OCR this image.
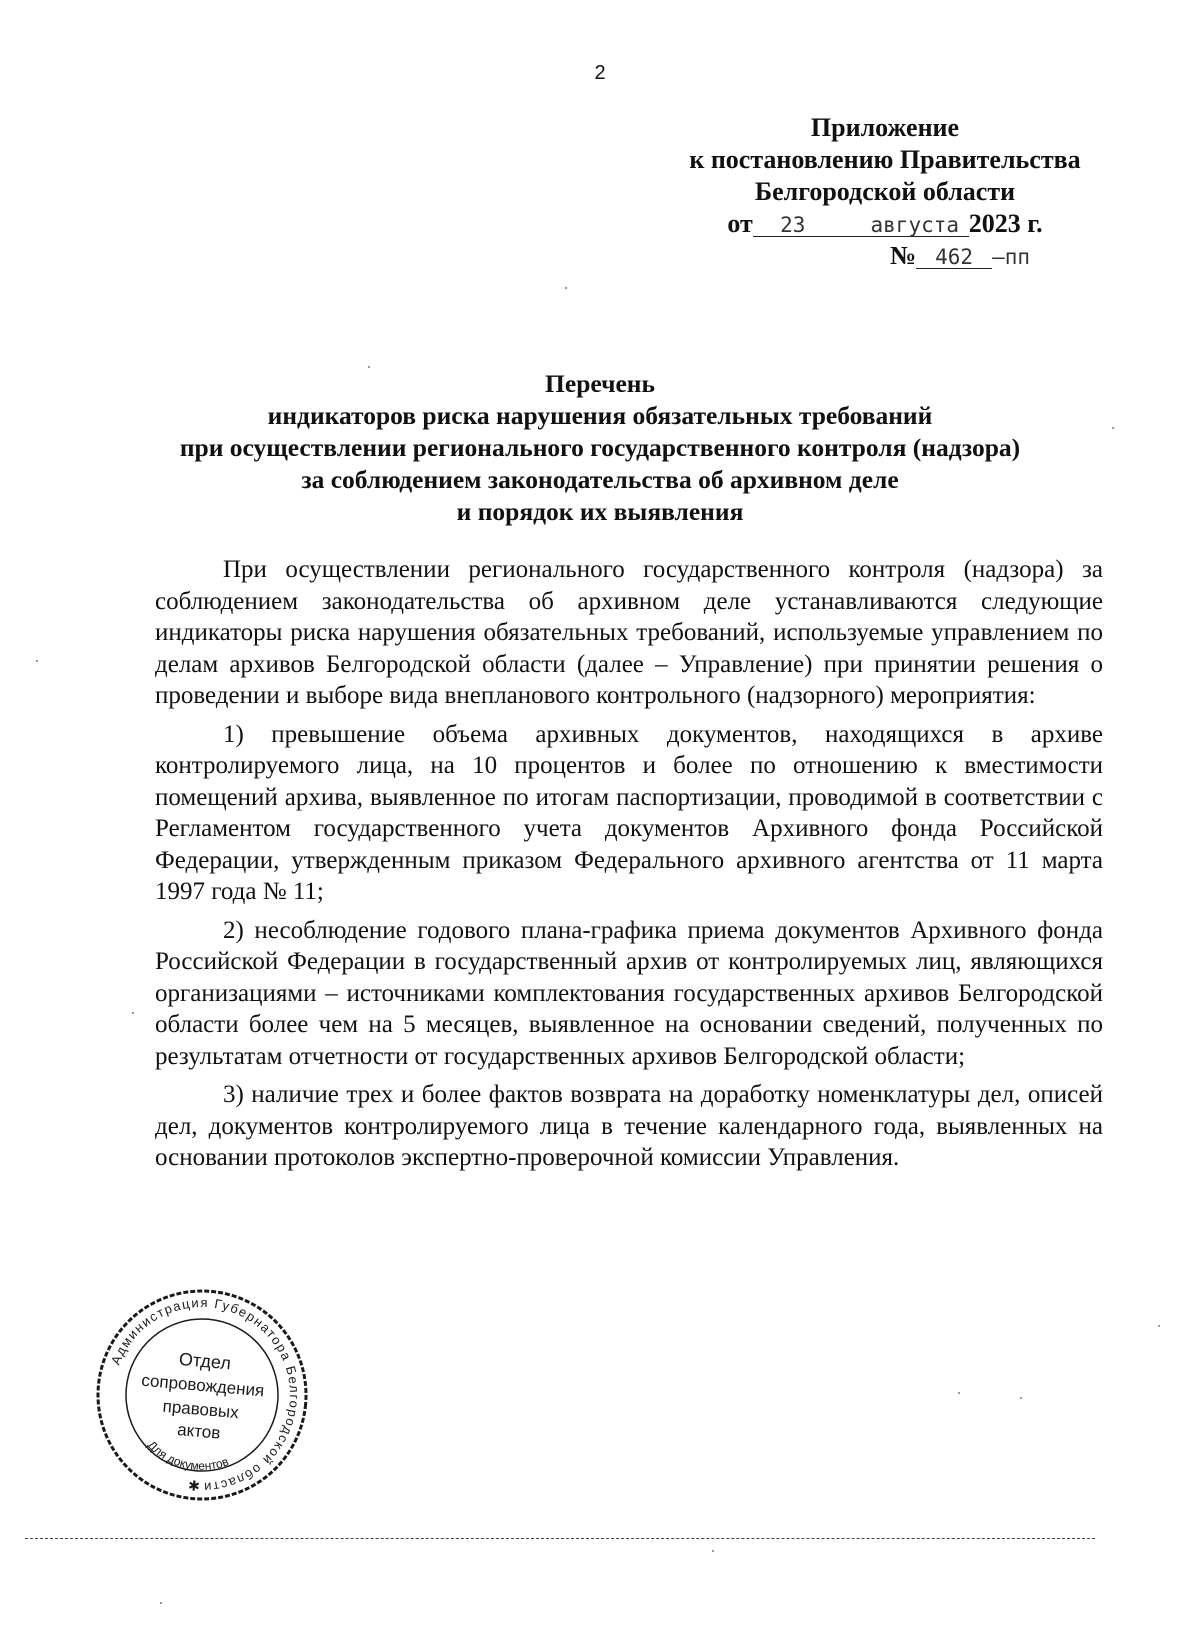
2
Приложение
к постановлению Правительства
Белгородской области
от 23	августа 2023 г.
№ 462 –пп
Перечень
индикаторов риска нарушения обязательных требований
при осуществлении регионального государственного контроля (надзора)
за соблюдением законодательства об архивном деле
и порядок их выявления

При осуществлении регионального государственного контроля (надзора) за соблюдением законодательства об архивном деле устанавливаются следующие индикаторы риска нарушения обязательных требований, используемые управлением по делам архивов Белгородской области (далее – Управление) при принятии решения о проведении и выборе вида внепланового контрольного (надзорного) мероприятия:

1) превышение объема архивных документов, находящихся в архиве контролируемого лица, на 10 процентов и более по отношению к вместимости помещений архива, выявленное по итогам паспортизации, проводимой в соответствии с Регламентом государственного учета документов Архивного фонда Российской Федерации, утвержденным приказом Федерального архивного агентства от 11 марта 1997 года № 11;

2) несоблюдение годового плана-графика приема документов Архивного фонда Российской Федерации в государственный архив от контролируемых лиц, являющихся организациями – источниками комплектования государственных архивов Белгородской области более чем на 5 месяцев, выявленное на основании сведений, полученных по результатам отчетности от государственных архивов Белгородской области;

3) наличие трех и более фактов возврата на доработку номенклатуры дел, описей дел, документов контролируемого лица в течение календарного года, выявленных на основании протоколов экспертно-проверочной комиссии Управления.

Администрация Губернатора Белгородской области
Отдел
сопровождения
правовых
актов
Для документов
✱
